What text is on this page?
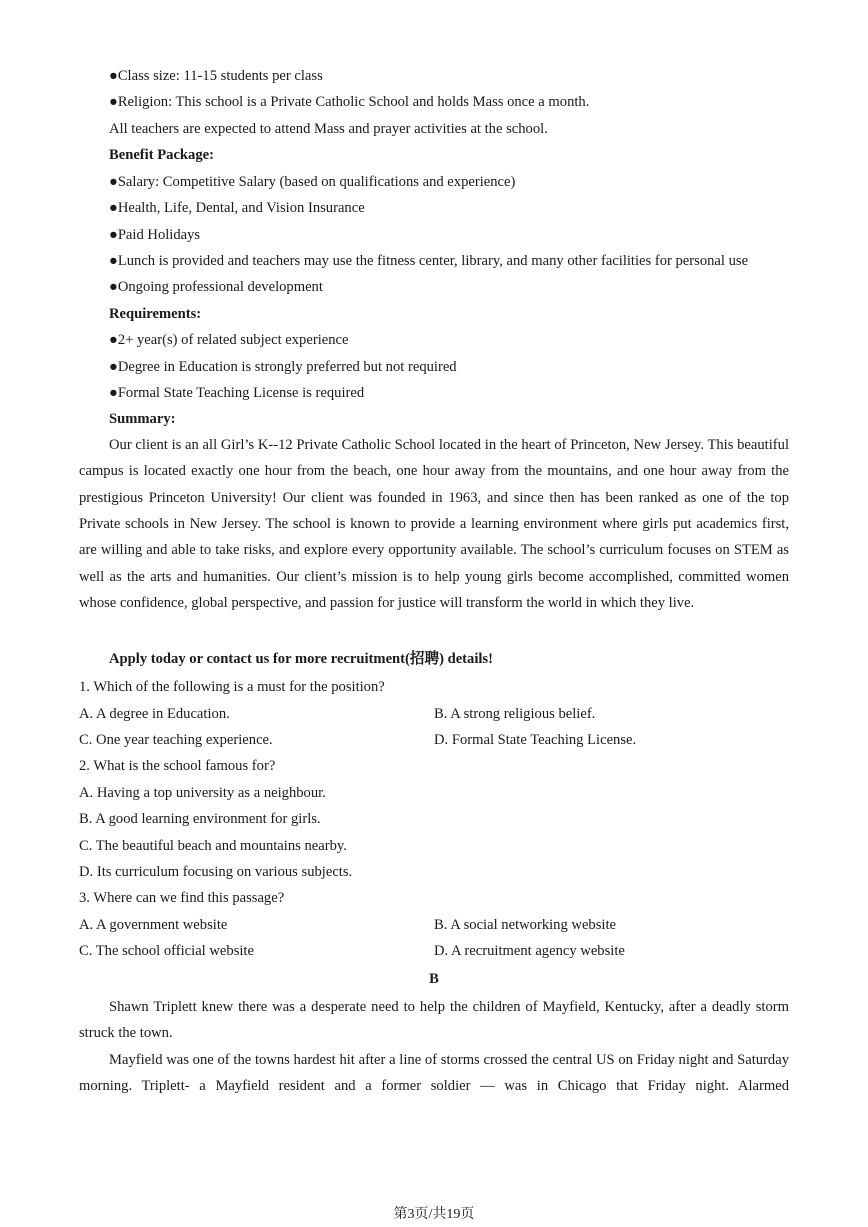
●Class size: 11-15 students per class
●Religion: This school is a Private Catholic School and holds Mass once a month.
All teachers are expected to attend Mass and prayer activities at the school.
Benefit Package:
●Salary: Competitive Salary (based on qualifications and experience)
●Health, Life, Dental, and Vision Insurance
●Paid Holidays
●Lunch is provided and teachers may use the fitness center, library, and many other facilities for personal use
●Ongoing professional development
Requirements:
●2+ year(s) of related subject experience
●Degree in Education is strongly preferred but not required
●Formal State Teaching License is required
Summary:
Our client is an all Girl’s K--12 Private Catholic School located in the heart of Princeton, New Jersey. This beautiful campus is located exactly one hour from the beach, one hour away from the mountains, and one hour away from the prestigious Princeton University! Our client was founded in 1963, and since then has been ranked as one of the top Private schools in New Jersey. The school is known to provide a learning environment where girls put academics first, are willing and able to take risks, and explore every opportunity available. The school’s curriculum focuses on STEM as well as the arts and humanities. Our client’s mission is to help young girls become accomplished, committed women whose confidence, global perspective, and passion for justice will transform the world in which they live.
Apply today or contact us for more recruitment(招聘) details!
1. Which of the following is a must for the position?
A. A degree in Education.	B. A strong religious belief.
C. One year teaching experience.	D. Formal State Teaching License.
2. What is the school famous for?
A. Having a top university as a neighbour.
B. A good learning environment for girls.
C. The beautiful beach and mountains nearby.
D. Its curriculum focusing on various subjects.
3. Where can we find this passage?
A. A government website	B. A social networking website
C. The school official website	D. A recruitment agency website
B
Shawn Triplett knew there was a desperate need to help the children of Mayfield, Kentucky, after a deadly storm struck the town.
Mayfield was one of the towns hardest hit after a line of storms crossed the central US on Friday night and Saturday morning. Triplett- a Mayfield resident and a former soldier — was in Chicago that Friday night. Alarmed
第3页/共19页
